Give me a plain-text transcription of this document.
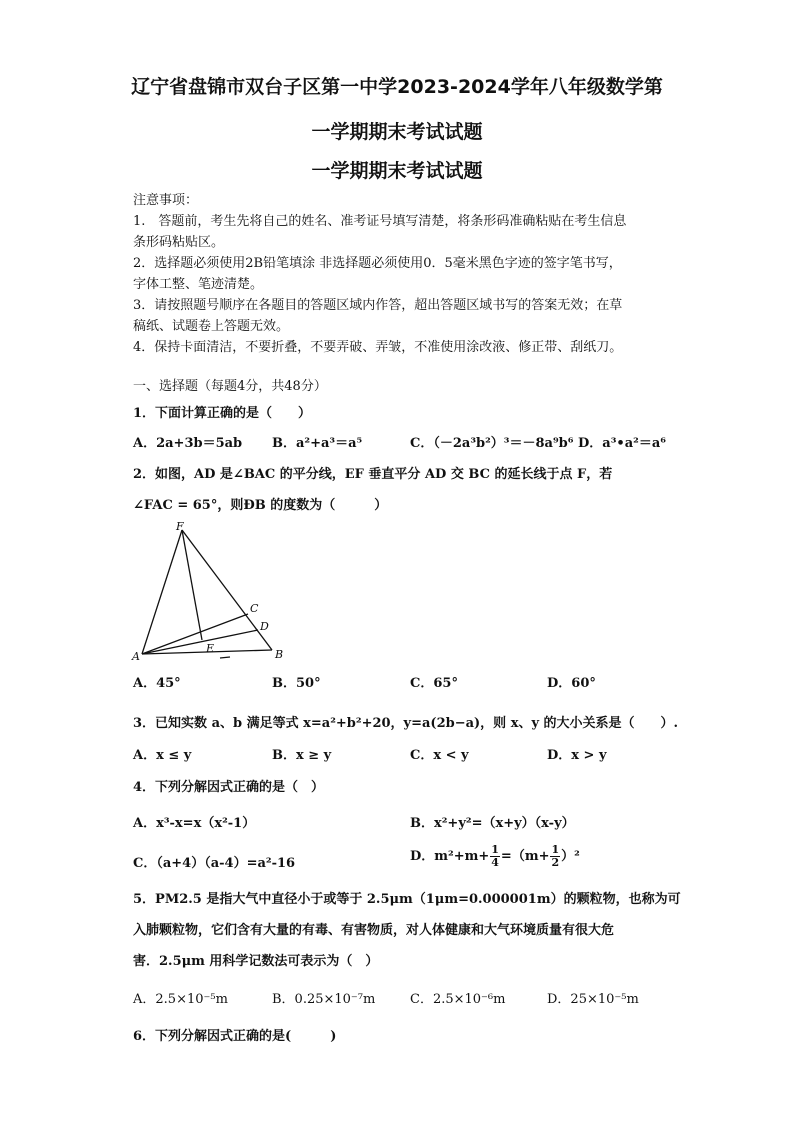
辽宁省盘锦市双台子区第一中学2023-2024学年八年级数学第
一学期期末考试试题
一学期期末考试试题
注意事项：
1.　答题前，考生先将自己的姓名、准考证号填写清楚，将条形码准确粘贴在考生信息
条形码粘贴区。
2．选择题必须使用2B铅笔填涂 非选择题必须使用0．5毫米黑色字迹的签字笔书写，
字体工整、笔迹清楚。
3．请按照题号顺序在各题目的答题区域内作答，超出答题区域书写的答案无效；在草
稿纸、试题卷上答题无效。
4．保持卡面清洁，不要折叠，不要弄破、弄皱，不准使用涂改液、修正带、刮纸刀。
一、选择题（每题4分，共48分）
1．下面计算正确的是（　　）
A．2a+3b＝5ab B．a²+a³＝a⁵	C．（－2a³b²）³＝－8a⁹b⁶ D．a³•a²＝a⁶
2．如图，AD 是∠BAC 的平分线，EF 垂直平分 AD 交 BC 的延长线于点 F，若
∠FAC = 65°，则ÐB 的度数为（　　　）
F
A	B
C
D
E
A．45°	B．50°	C．65°	D．60°
3．已知实数 a、b 满足等式 x=a²+b²+20，y=a(2b−a)，则 x、y 的大小关系是（　　）.
A．x ≤ y	B．x ≥ y	C．x < y	D．x > y
4．下列分解因式正确的是（　）
A．x³-x=x（x²-1）	B．x²+y²=（x+y）（x-y）
C．（a+4）（a-4）=a²-16	D．$m^2+m+ \frac{1}{4} =(m+ \frac{1}{2} )^2$
5．PM2.5 是指大气中直径小于或等于 2.5μm（1μm=0.000001m）的颗粒物，也称为可
入肺颗粒物，它们含有大量的有毒、有害物质，对人体健康和大气环境质量有很大危
害．2.5μm 用科学记数法可表示为（　）
A．2.5×10⁻⁵m	B．0.25×10⁻⁷m	C．2.5×10⁻⁶m	D．25×10⁻⁵m
6．下列分解因式正确的是(　　　)
